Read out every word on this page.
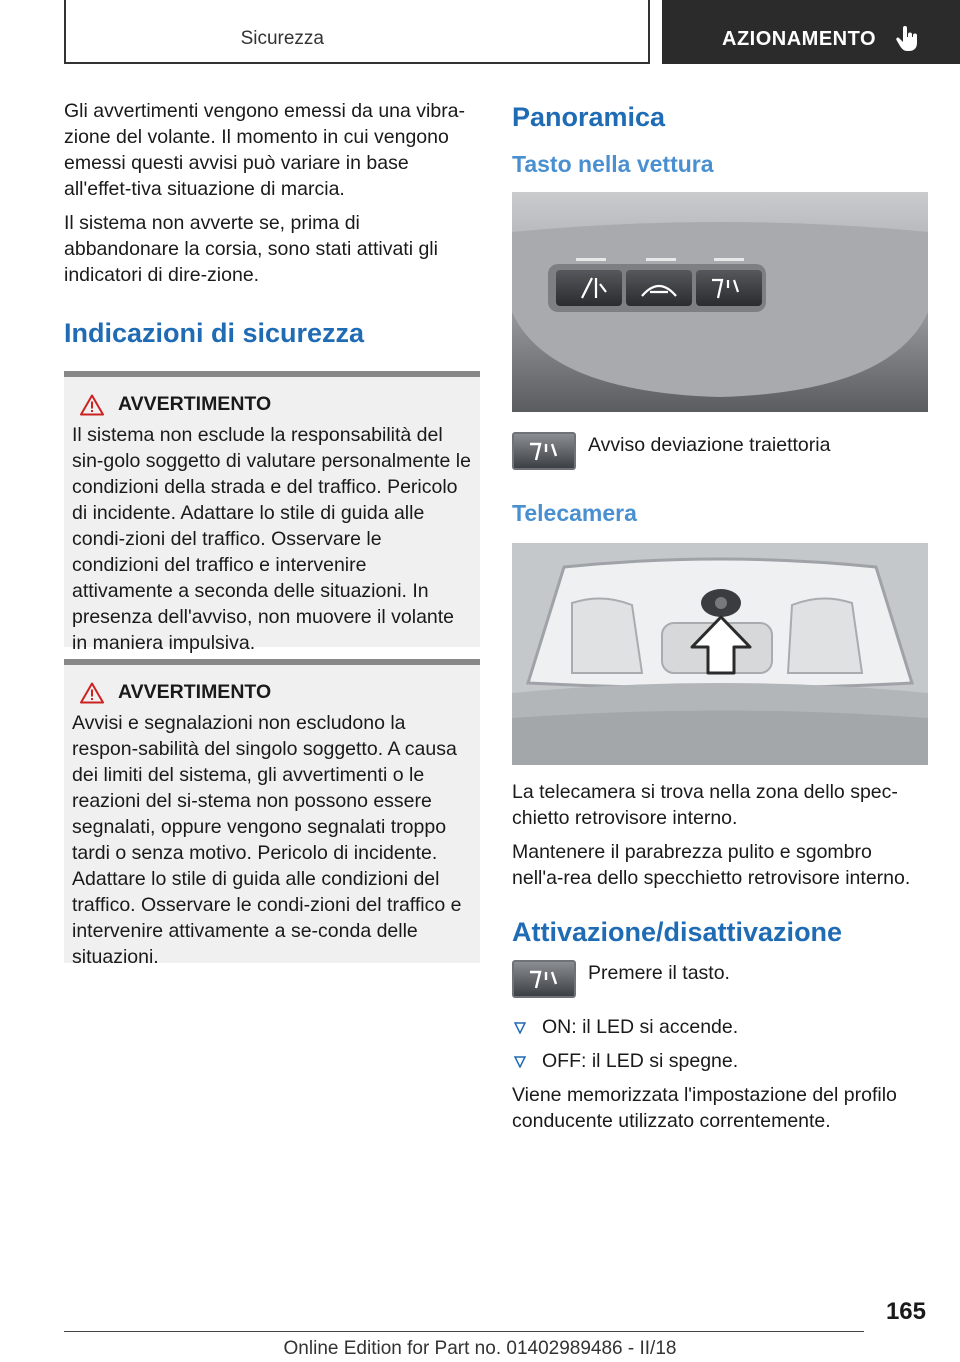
Sicurezza	AZIONAMENTO

Gli avvertimenti vengono emessi da una vibra-zione del volante. Il momento in cui vengono emessi questi avvisi può variare in base all'effet-tiva situazione di marcia.

Il sistema non avverte se, prima di abbandonare la corsia, sono stati attivati gli indicatori di dire-zione.

Indicazioni di sicurezza
AVVERTIMENTO

Il sistema non esclude la responsabilità del sin-golo soggetto di valutare personalmente le condizioni della strada e del traffico. Pericolo di incidente. Adattare lo stile di guida alle condi-zioni del traffico. Osservare le condizioni del traffico e intervenire attivamente a seconda delle situazioni. In presenza dell'avviso, non muovere il volante in maniera impulsiva.

AVVERTIMENTO

Avvisi e segnalazioni non escludono la respon-sabilità del singolo soggetto. A causa dei limiti del sistema, gli avvertimenti o le reazioni del si-stema non possono essere segnalati, oppure vengono segnalati troppo tardi o senza motivo. Pericolo di incidente. Adattare lo stile di guida alle condizioni del traffico. Osservare le condi-zioni del traffico e intervenire attivamente a se-conda delle situazioni.

Panoramica
Tasto nella vettura
Avviso deviazione traiettoria
Telecamera

La telecamera si trova nella zona dello spec-chietto retrovisore interno.

Mantenere il parabrezza pulito e sgombro nell'a-rea dello specchietto retrovisore interno.

Attivazione/disattivazione
Premere il tasto.
ON: il LED si accende.
OFF: il LED si spegne.

Viene memorizzata l'impostazione del profilo conducente utilizzato correntemente.

165
Online Edition for Part no. 01402989486 - II/18
